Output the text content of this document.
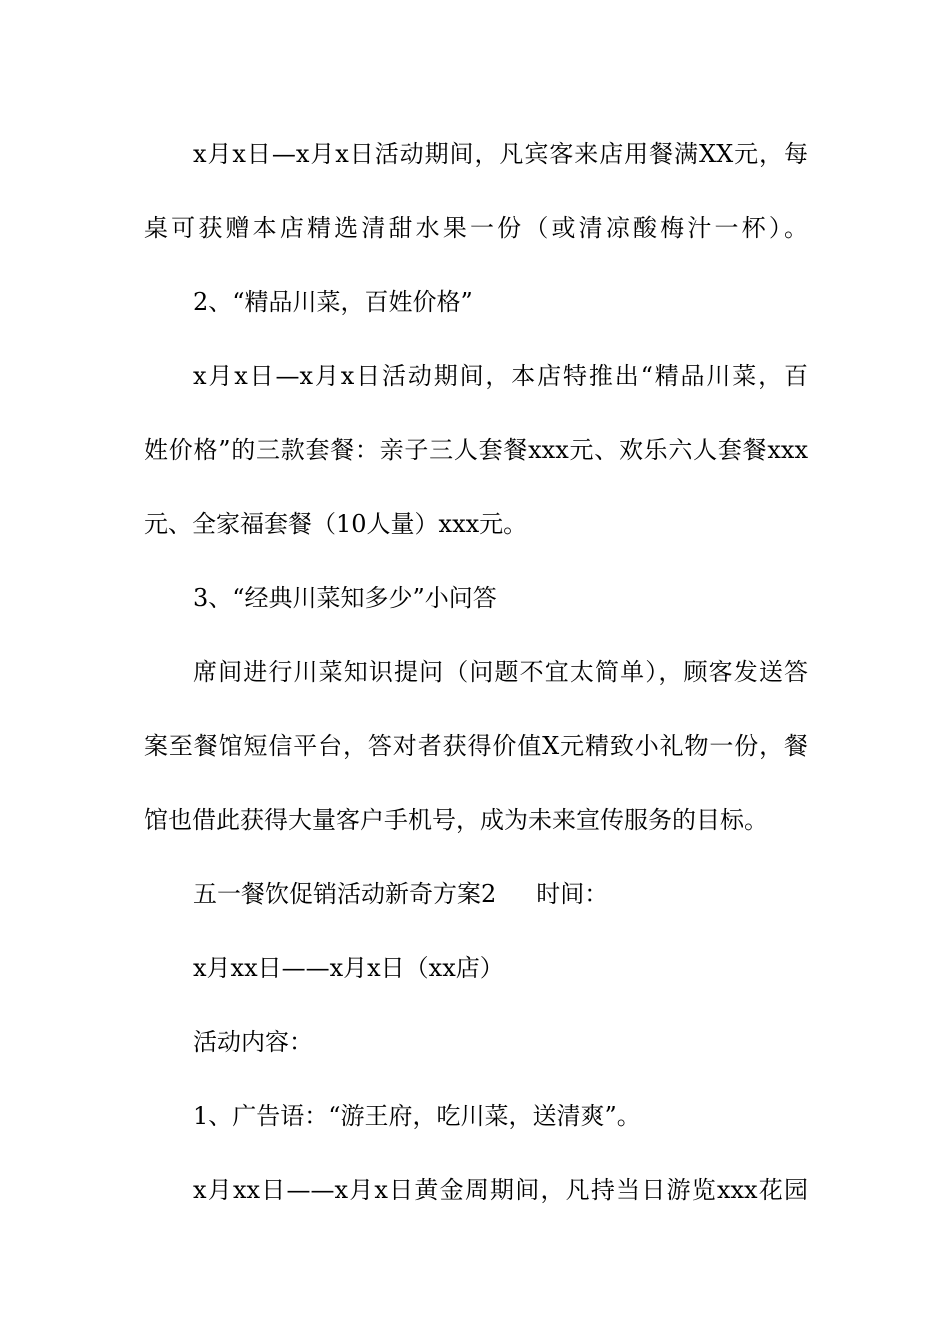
x月x日—x月x日活动期间，凡宾客来店用餐满XX元，每
桌可获赠本店精选清甜水果一份（或清凉酸梅汁一杯）。
2、“精品川菜，百姓价格”
x月x日—x月x日活动期间，本店特推出“精品川菜，百
姓价格”的三款套餐：亲子三人套餐xxx元、欢乐六人套餐xxx
元、全家福套餐（10人量）xxx元。
3、“经典川菜知多少”小问答
席间进行川菜知识提问（问题不宜太简单），顾客发送答
案至餐馆短信平台，答对者获得价值X元精致小礼物一份，餐
馆也借此获得大量客户手机号，成为未来宣传服务的目标。
五一餐饮促销活动新奇方案2 时间：
x月xx日——x月x日（xx店）
活动内容：
1、广告语：“游王府，吃川菜，送清爽”。
x月xx日——x月x日黄金周期间，凡持当日游览xxx花园
